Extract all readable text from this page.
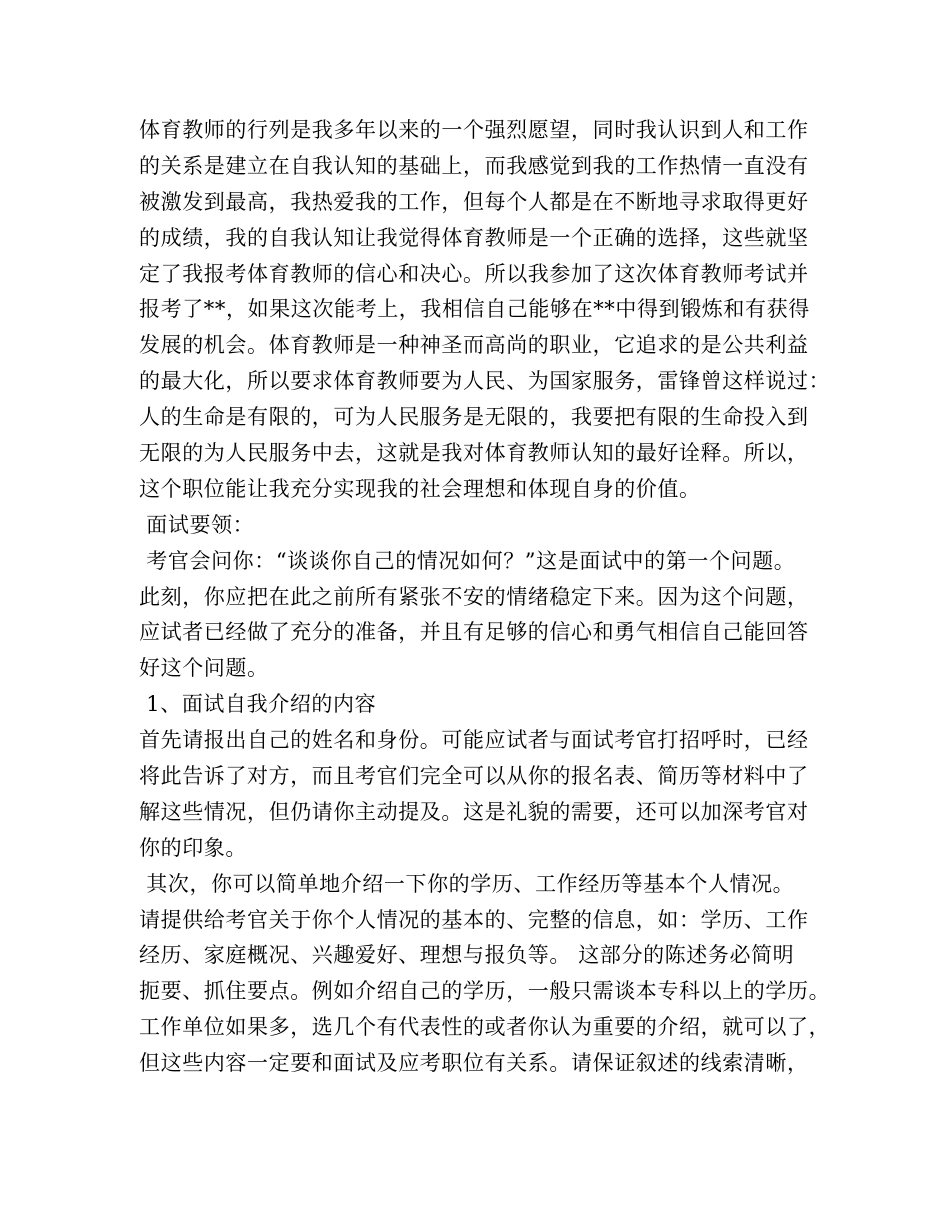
体育教师的行列是我多年以来的一个强烈愿望，同时我认识到人和工作
的关系是建立在自我认知的基础上，而我感觉到我的工作热情一直没有
被激发到最高，我热爱我的工作，但每个人都是在不断地寻求取得更好
的成绩，我的自我认知让我觉得体育教师是一个正确的选择，这些就坚
定了我报考体育教师的信心和决心。所以我参加了这次体育教师考试并
报考了**，如果这次能考上，我相信自己能够在**中得到锻炼和有获得
发展的机会。体育教师是一种神圣而高尚的职业，它追求的是公共利益
的最大化，所以要求体育教师要为人民、为国家服务，雷锋曾这样说过：
人的生命是有限的，可为人民服务是无限的，我要把有限的生命投入到
无限的为人民服务中去，这就是我对体育教师认知的最好诠释。所以，
这个职位能让我充分实现我的社会理想和体现自身的价值。
面试要领：
考官会问你：“谈谈你自己的情况如何？”这是面试中的第一个问题。
此刻，你应把在此之前所有紧张不安的情绪稳定下来。因为这个问题，
应试者已经做了充分的准备，并且有足够的信心和勇气相信自己能回答
好这个问题。
1、面试自我介绍的内容
首先请报出自己的姓名和身份。可能应试者与面试考官打招呼时，已经
将此告诉了对方，而且考官们完全可以从你的报名表、简历等材料中了
解这些情况，但仍请你主动提及。这是礼貌的需要，还可以加深考官对
你的印象。
其次，你可以简单地介绍一下你的学历、工作经历等基本个人情况。
请提供给考官关于你个人情况的基本的、完整的信息，如：学历、工作
经历、家庭概况、兴趣爱好、理想与报负等。 这部分的陈述务必简明
扼要、抓住要点。例如介绍自己的学历，一般只需谈本专科以上的学历。
工作单位如果多，选几个有代表性的或者你认为重要的介绍，就可以了，
但这些内容一定要和面试及应考职位有关系。请保证叙述的线索清晰，
